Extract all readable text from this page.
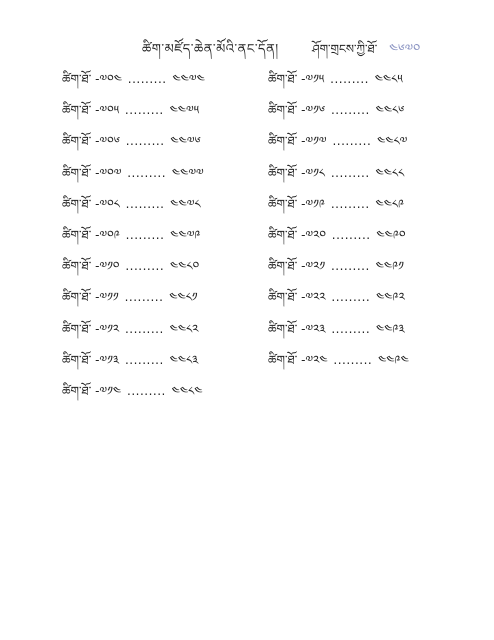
ཚིག་མཛོད་ཆེན་མོའི་ནང་དོན།	ཤོག་གྲངས་ཀྱི་ཐོ་ ༤༦༧༠
ཚིག་ཐོ་ -༧༠༤ ......... ༤༤༧༤
ཚིག་ཐོ་ -༧༠༥ ......... ༤༤༧༥
ཚིག་ཐོ་ -༧༠༦ ......... ༤༤༧༦
ཚིག་ཐོ་ -༧༠༧ ......... ༤༤༧༧
ཚིག་ཐོ་ -༧༠༨ ......... ༤༤༧༨
ཚིག་ཐོ་ -༧༠༩ ......... ༤༤༧༩
ཚིག་ཐོ་ -༧༡༠ ......... ༤༤༨༠
ཚིག་ཐོ་ -༧༡༡ ......... ༤༤༨༡
ཚིག་ཐོ་ -༧༡༢ ......... ༤༤༨༢
ཚིག་ཐོ་ -༧༡༣ ......... ༤༤༨༣
ཚིག་ཐོ་ -༧༡༤ ......... ༤༤༨༤
ཚིག་ཐོ་ -༧༡༥ ......... ༤༤༨༥
ཚིག་ཐོ་ -༧༡༦ ......... ༤༤༨༦
ཚིག་ཐོ་ -༧༡༧ ......... ༤༤༨༧
ཚིག་ཐོ་ -༧༡༨ ......... ༤༤༨༨
ཚིག་ཐོ་ -༧༡༩ ......... ༤༤༨༩
ཚིག་ཐོ་ -༧༢༠ ......... ༤༤༩༠
ཚིག་ཐོ་ -༧༢༡ ......... ༤༤༩༡
ཚིག་ཐོ་ -༧༢༢ ......... ༤༤༩༢
ཚིག་ཐོ་ -༧༢༣ ......... ༤༤༩༣
ཚིག་ཐོ་ -༧༢༤ ......... ༤༤༩༤
